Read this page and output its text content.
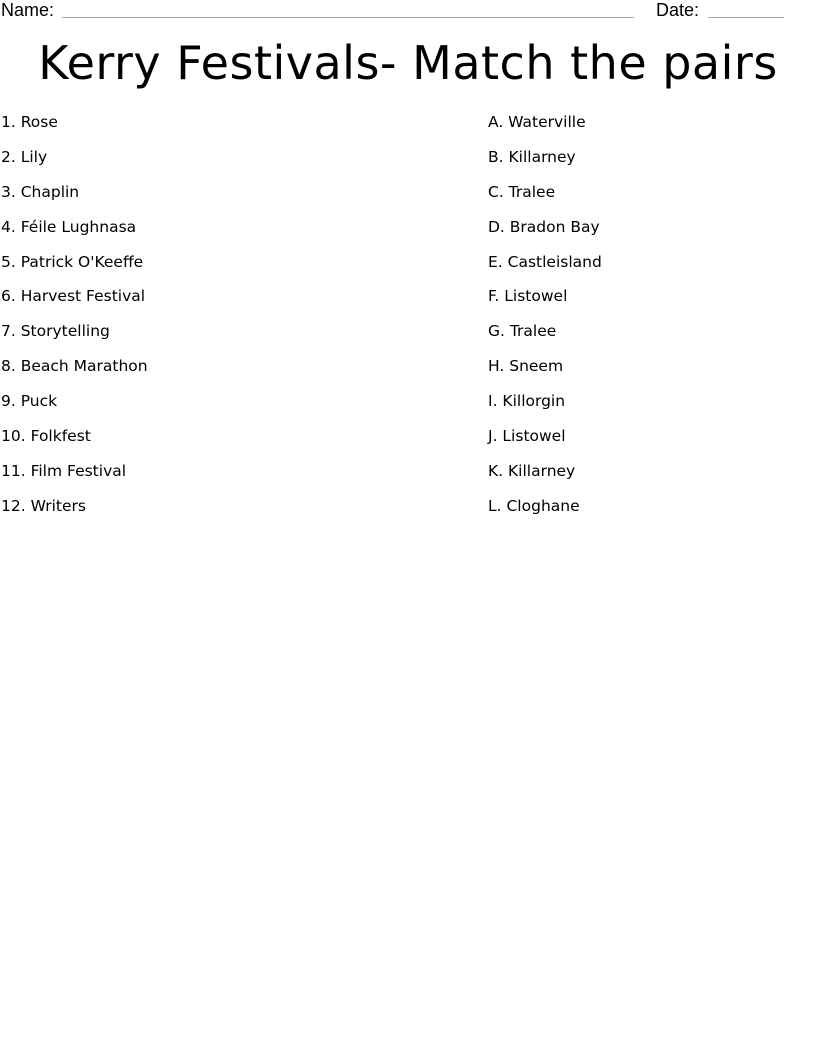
Name:	Date:
Kerry Festivals- Match the pairs
1. Rose	A. Waterville
2. Lily	B. Killarney
3. Chaplin	C. Tralee
4. Féile Lughnasa	D. Bradon Bay
5. Patrick O'Keeffe	E. Castleisland
6. Harvest Festival	F. Listowel
7. Storytelling	G. Tralee
8. Beach Marathon	H. Sneem
9. Puck	I. Killorgin
10. Folkfest	J. Listowel
11. Film Festival	K. Killarney
12. Writers	L. Cloghane
